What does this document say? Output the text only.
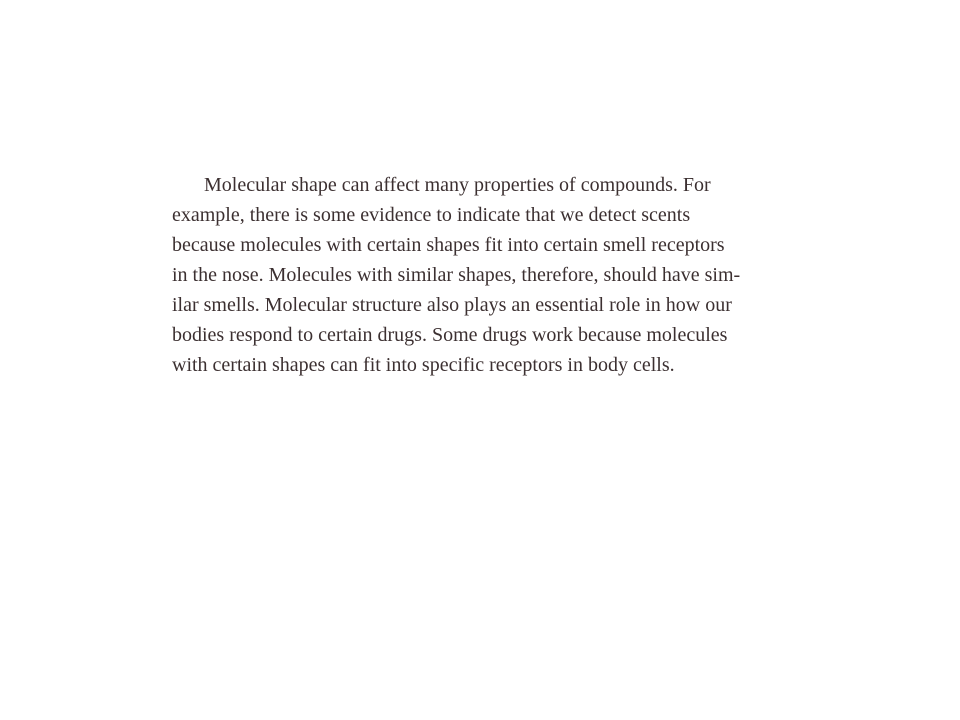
Molecular shape can affect many properties of compounds. For
example, there is some evidence to indicate that we detect scents
because molecules with certain shapes fit into certain smell receptors
in the nose. Molecules with similar shapes, therefore, should have sim-
ilar smells. Molecular structure also plays an essential role in how our
bodies respond to certain drugs. Some drugs work because molecules
with certain shapes can fit into specific receptors in body cells.
